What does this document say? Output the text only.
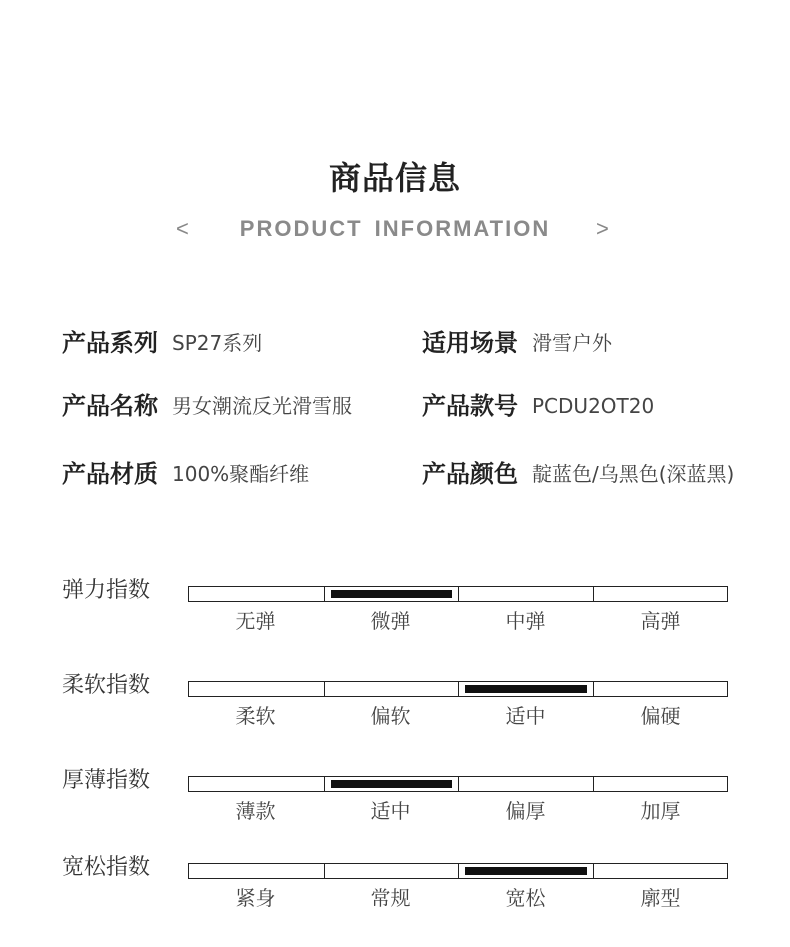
商品信息
<	PRODUCT INFORMATION	>
产品系列 SP27系列	适用场景 滑雪户外
产品名称 男女潮流反光滑雪服	产品款号 PCDU2OT20
产品材质 100%聚酯纤维	产品颜色 靛蓝色/乌黑色(深蓝黑)
弹力指数
无弹	微弹	中弹	高弹
柔软指数
柔软	偏软	适中	偏硬
厚薄指数
薄款	适中	偏厚	加厚
宽松指数
紧身	常规	宽松	廓型
